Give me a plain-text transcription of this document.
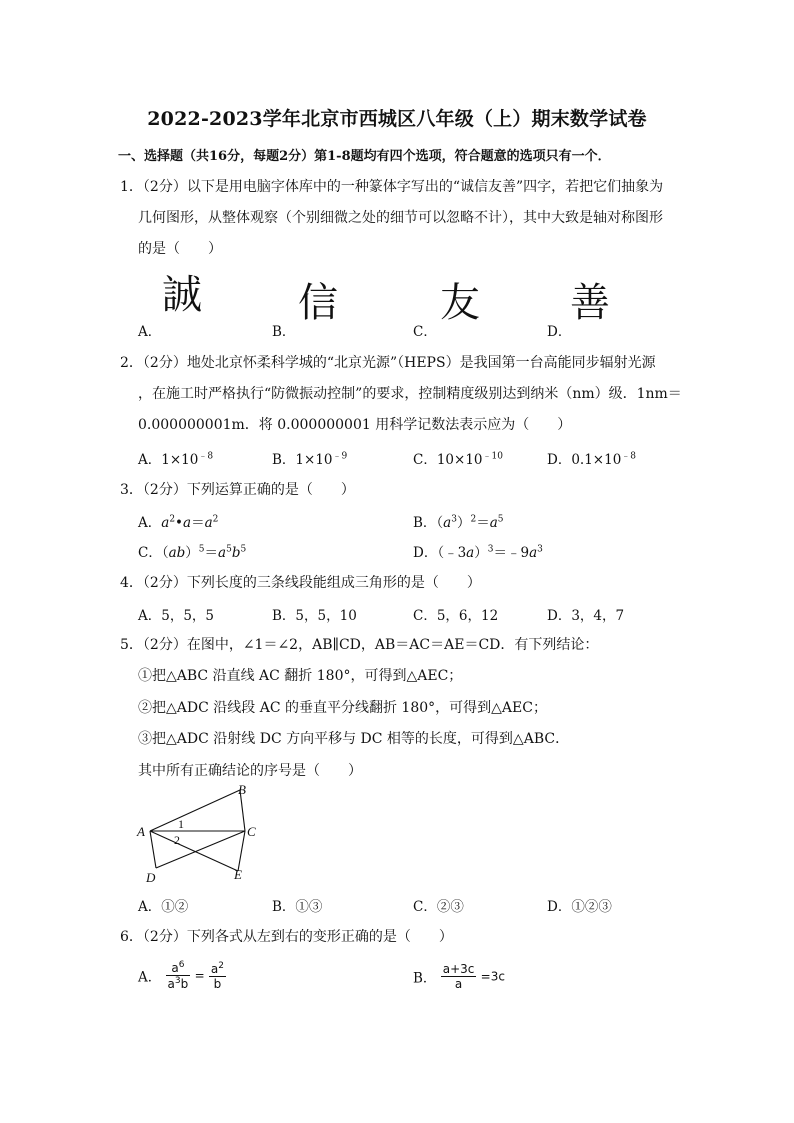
2022-2023学年北京市西城区八年级（上）期末数学试卷
一、选择题（共16分，每题2分）第1-8题均有四个选项，符合题意的选项只有一个．
1．（2分）以下是用电脑字体库中的一种篆体字写出的“诚信友善”四字，若把它们抽象为
几何图形，从整体观察（个别细微之处的细节可以忽略不计），其中大致是轴对称图形
的是（　　）
A．
誠
B．
信
C．
友
D．
善
2．（2分）地处北京怀柔科学城的“北京光源”（HEPS）是我国第一台高能同步辐射光源
，在施工时严格执行“防微振动控制”的要求，控制精度级别达到纳米（nm）级．1nm＝
0.000000001m．将 0.000000001 用科学记数法表示应为（　　）
A．$1\times 10^{﹣8}$	B．$1\times 10^{﹣9}$	C．$10\times 10^{﹣10}$	D．$0.1\times 10^{﹣8}$
3．（2分）下列运算正确的是（　　）
A．$a^2•a=a^2$	B．$(a^3)^2=a^5$
C．$(ab)^5=a^5b^5$	D．$(﹣3a)^3=﹣9a^3$
4．（2分）下列长度的三条线段能组成三角形的是（　　）
A．5，5，5	B．5，5，10	C．5，6，12	D．3，4，7
5．（2分）在图中，∠1＝∠2，AB∥CD，AB＝AC＝AE＝CD．有下列结论：
①把△ABC 沿直线 AC 翻折 180°，可得到△AEC；
②把△ADC 沿线段 AC 的垂直平分线翻折 180°，可得到△AEC；
③把△ADC 沿射线 DC 方向平移与 DC 相等的长度，可得到△ABC．
其中所有正确结论的序号是（　　）
A
B
C
D	E
1
2
A．①②	B．①③	C．②③	D．①②③
6．（2分）下列各式从左到右的变形正确的是（　　）
A． $\frac{a^6}{a^3b} = \frac{a^2}{b}$	B． $\frac{a+3c}{a} =3c$
